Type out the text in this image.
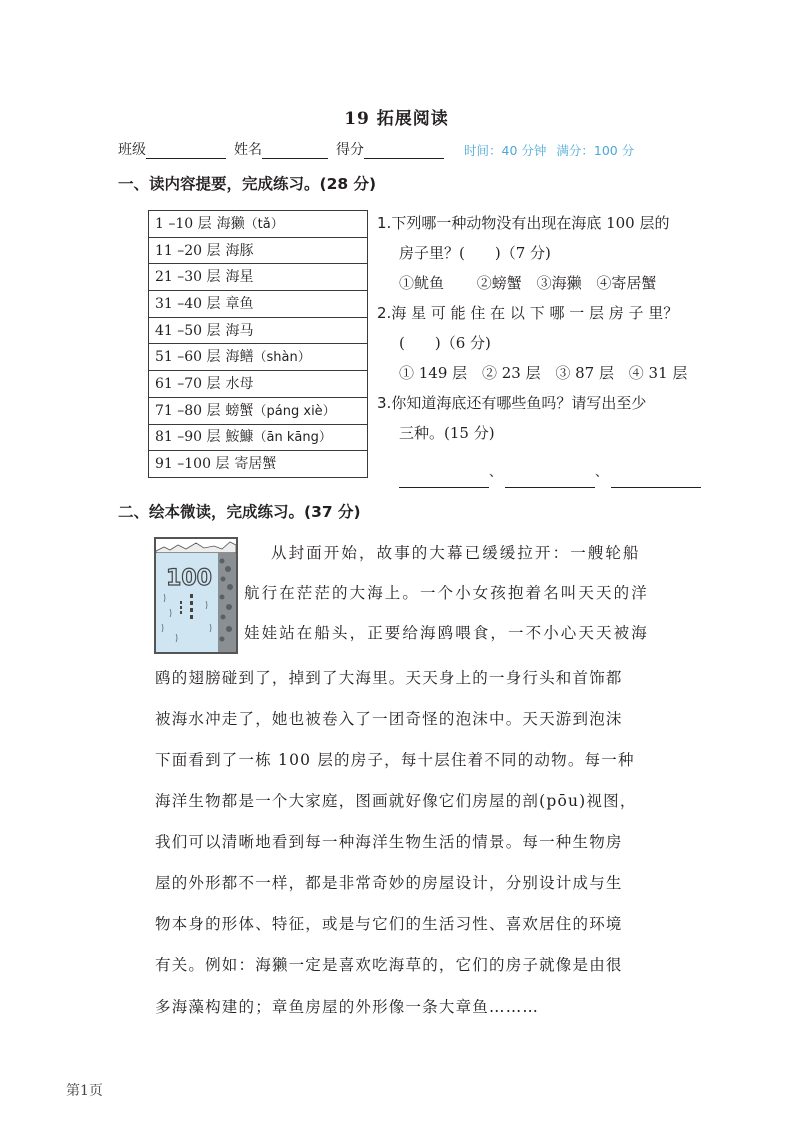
19 拓展阅读
班级	姓名	得分	时间：40 分钟 满分：100 分
一、读内容提要，完成练习。(28 分)
1 –10 层 海獭（tǎ）
11 –20 层 海豚
21 –30 层 海星
31 –40 层 章鱼
41 –50 层 海马
51 –60 层 海鳝（shàn）
61 –70 层 水母
71 –80 层 螃蟹（páng xiè）
81 –90 层 鮟鱇（ān kāng）
91 –100 层 寄居蟹
1.下列哪一种动物没有出现在海底 100 层的
房子里？(　　)（7 分)
①鱿鱼 ②螃蟹 ③海獭 ④寄居蟹
2.海 星 可 能 住 在 以 下 哪 一 层 房 子 里？
(　　)（6 分)
① 149 层 ② 23 层 ③ 87 层 ④ 31 层
3.你知道海底还有哪些鱼吗？请写出至少
三种。(15 分)
、	、
二、绘本微读，完成练习。(37 分)
100
从封面开始，故事的大幕已缓缓拉开：一艘轮船
航行在茫茫的大海上。一个小女孩抱着名叫天天的洋
娃娃站在船头，正要给海鸥喂食，一不小心天天被海
鸥的翅膀碰到了，掉到了大海里。天天身上的一身行头和首饰都
被海水冲走了，她也被卷入了一团奇怪的泡沫中。天天游到泡沫
下面看到了一栋 100 层的房子，每十层住着不同的动物。每一种
海洋生物都是一个大家庭，图画就好像它们房屋的剖(pōu)视图，
我们可以清晰地看到每一种海洋生物生活的情景。每一种生物房
屋的外形都不一样，都是非常奇妙的房屋设计，分别设计成与生
物本身的形体、特征，或是与它们的生活习性、喜欢居住的环境
有关。例如：海獭一定是喜欢吃海草的，它们的房子就像是由很
多海藻构建的；章鱼房屋的外形像一条大章鱼………
第1页
